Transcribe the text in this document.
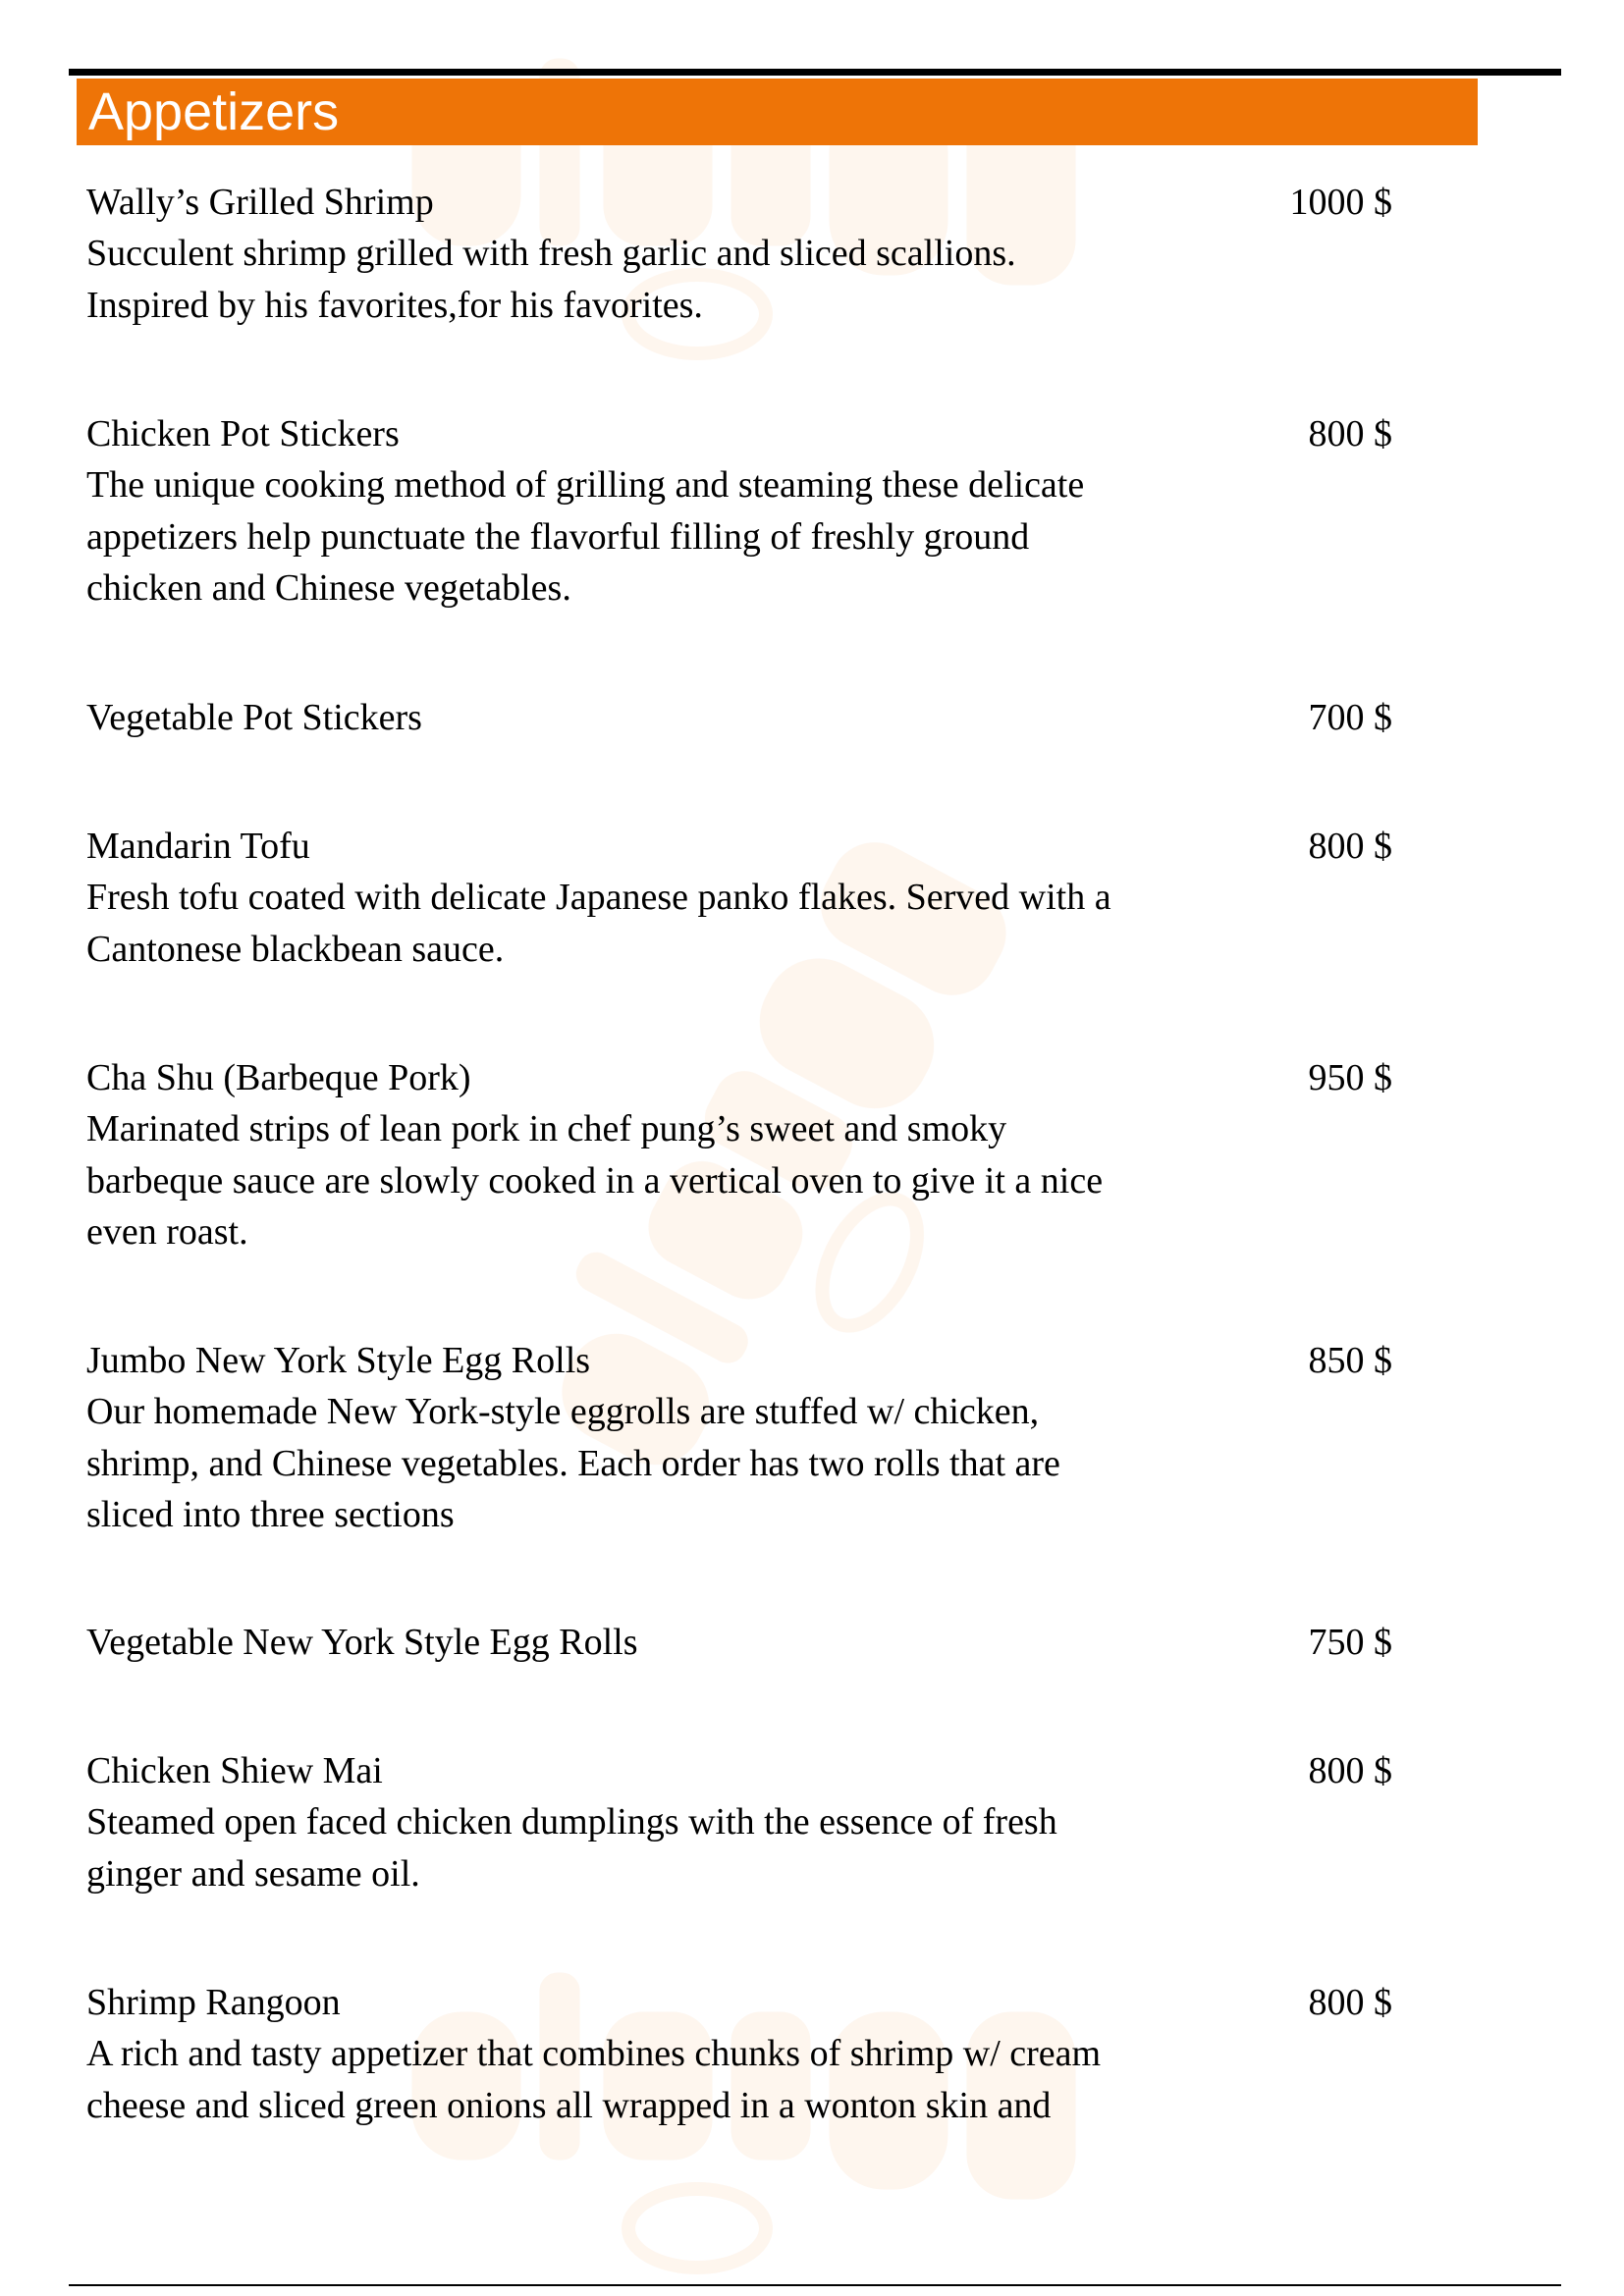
Appetizers
Wally’s Grilled Shrimp	1000 $
Succulent shrimp grilled with fresh garlic and sliced scallions.
Inspired by his favorites,for his favorites.
Chicken Pot Stickers	800 $
The unique cooking method of grilling and steaming these delicate
appetizers help punctuate the flavorful filling of freshly ground
chicken and Chinese vegetables.
Vegetable Pot Stickers	700 $
Mandarin Tofu	800 $
Fresh tofu coated with delicate Japanese panko flakes. Served with a
Cantonese blackbean sauce.
Cha Shu (Barbeque Pork)	950 $
Marinated strips of lean pork in chef pung’s sweet and smoky
barbeque sauce are slowly cooked in a vertical oven to give it a nice
even roast.
Jumbo New York Style Egg Rolls	850 $
Our homemade New York-style eggrolls are stuffed w/ chicken,
shrimp, and Chinese vegetables. Each order has two rolls that are
sliced into three sections
Vegetable New York Style Egg Rolls	750 $
Chicken Shiew Mai	800 $
Steamed open faced chicken dumplings with the essence of fresh
ginger and sesame oil.
Shrimp Rangoon	800 $
A rich and tasty appetizer that combines chunks of shrimp w/ cream
cheese and sliced green onions all wrapped in a wonton skin and
